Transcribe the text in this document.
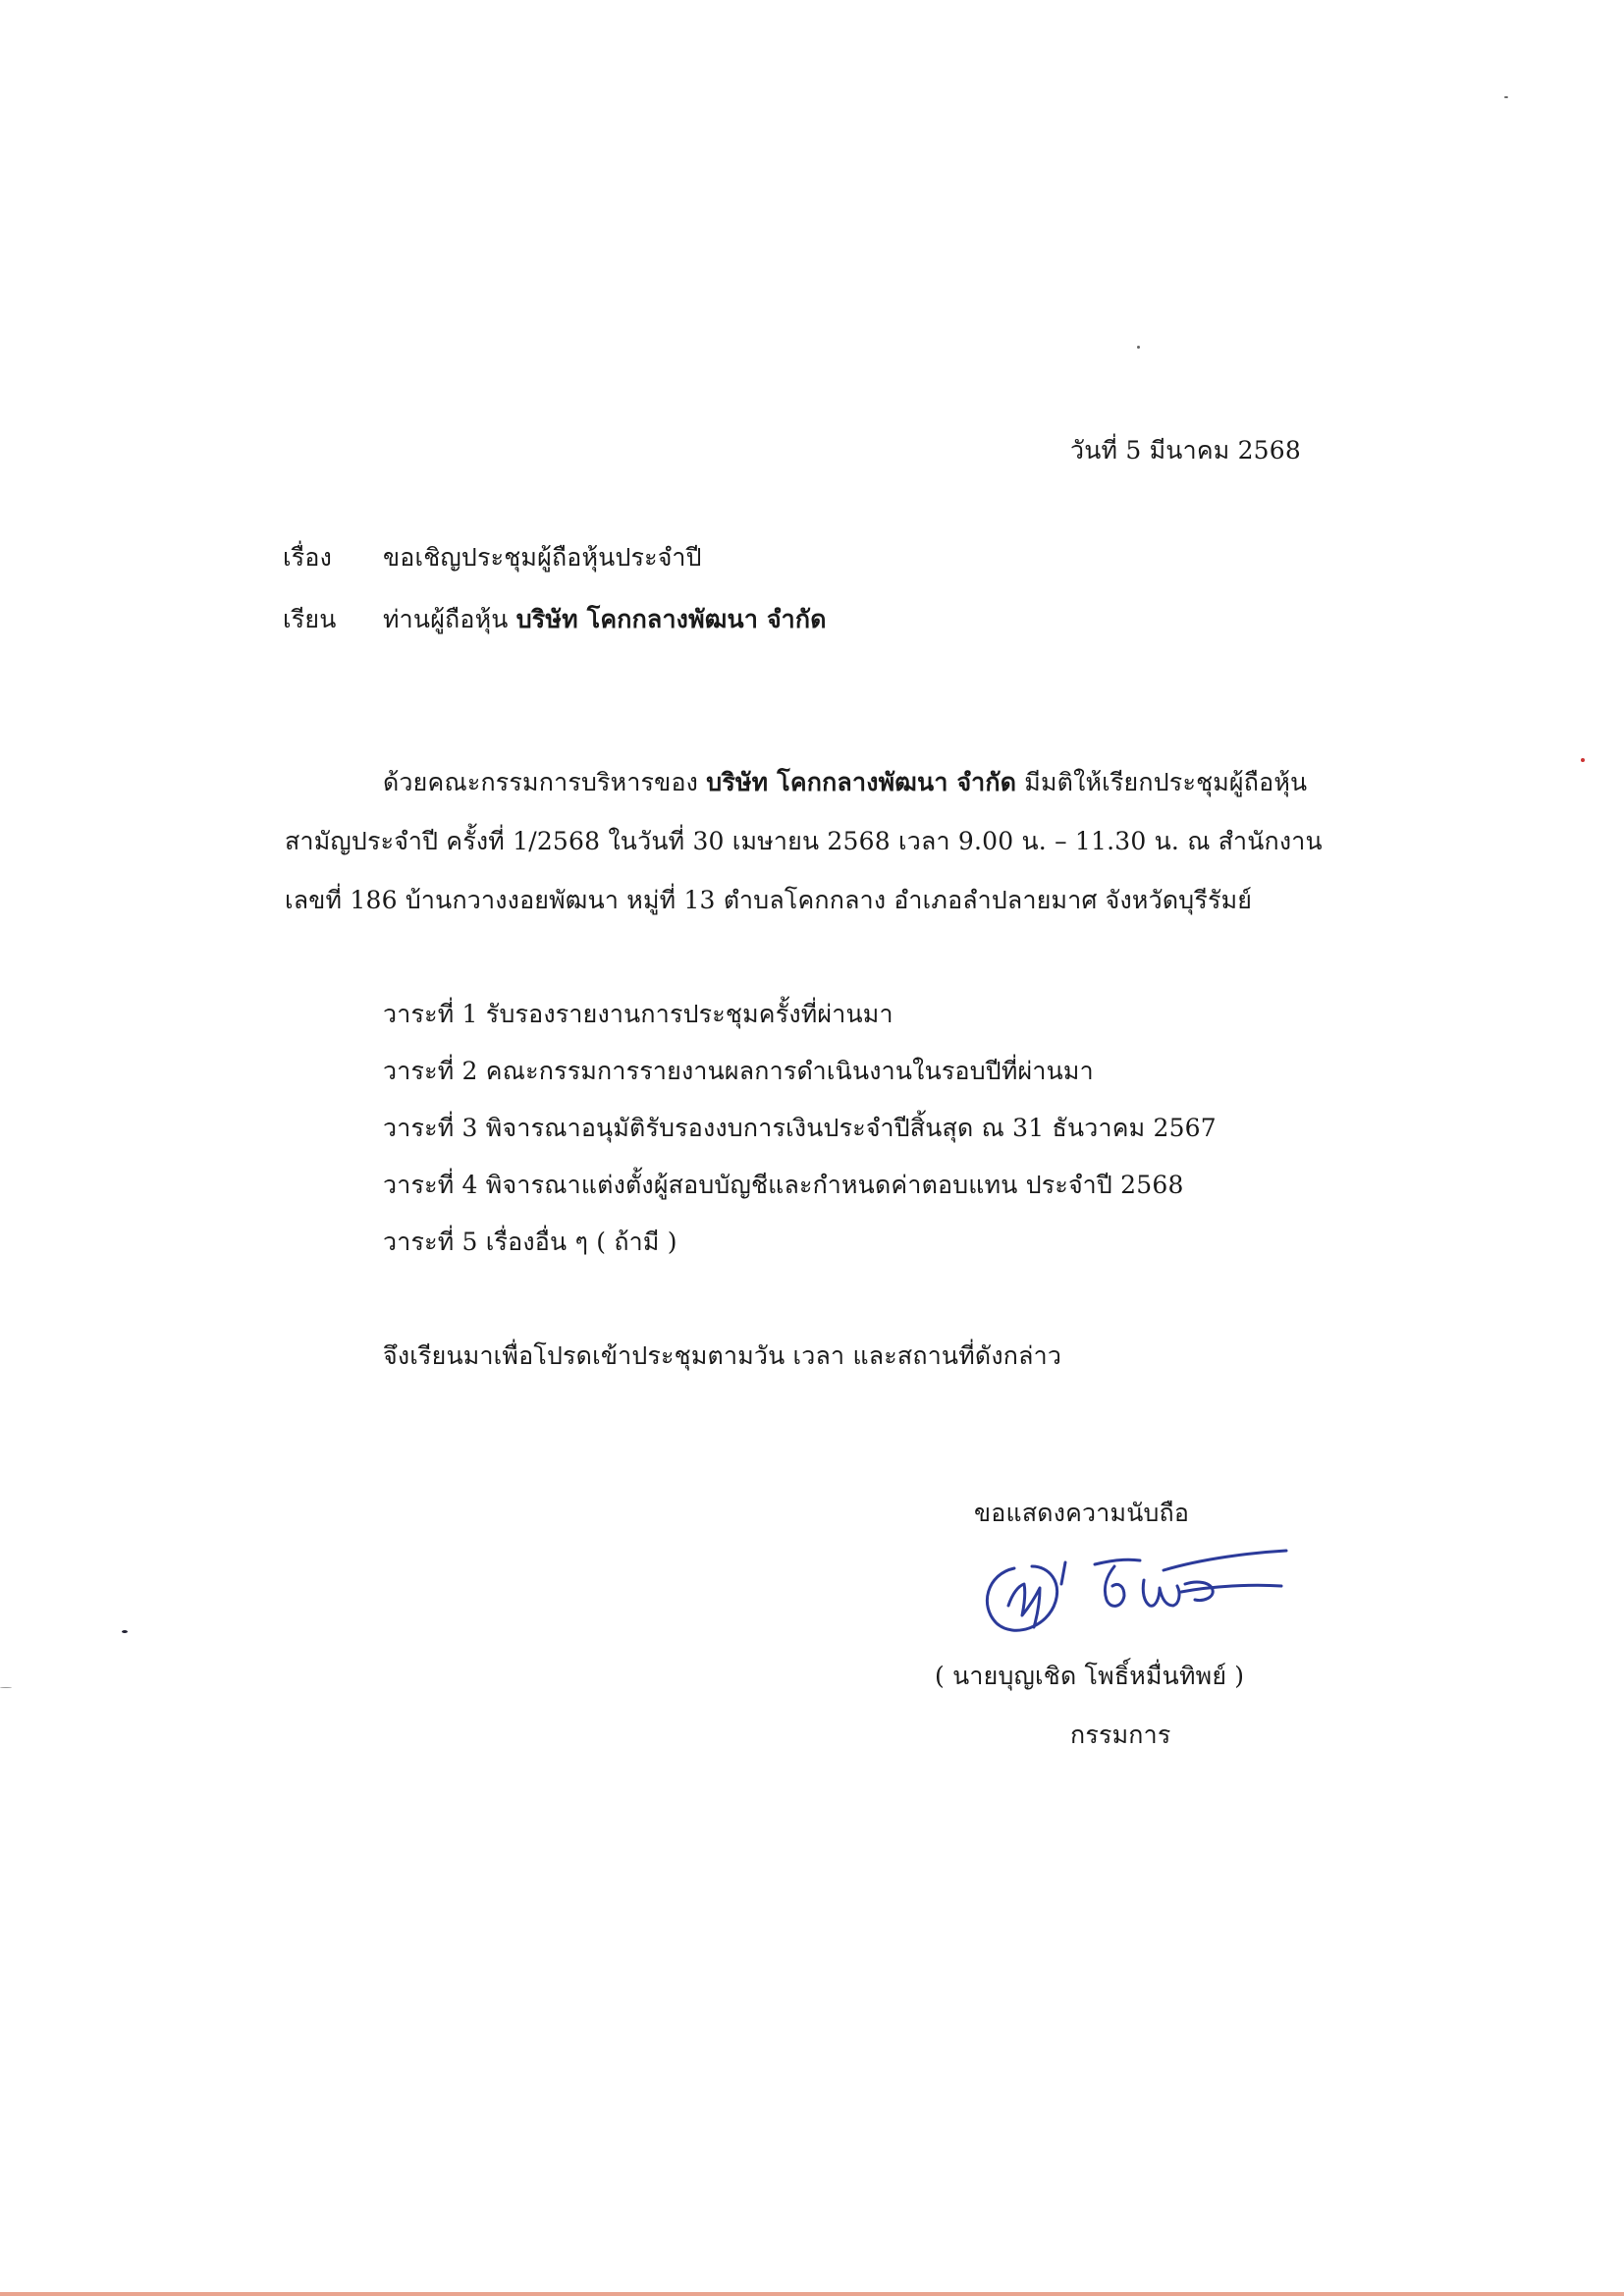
วันที่ 5 มีนาคม 2568
เรื่อง ขอเชิญประชุมผู้ถือหุ้นประจำปี
เรียน ท่านผู้ถือหุ้น บริษัท โคกกลางพัฒนา จำกัด
ด้วยคณะกรรมการบริหารของ บริษัท โคกกลางพัฒนา จำกัด มีมติให้เรียกประชุมผู้ถือหุ้น
สามัญประจำปี ครั้งที่ 1/2568 ในวันที่ 30 เมษายน 2568 เวลา 9.00 น. – 11.30 น. ณ สำนักงาน
เลขที่ 186 บ้านกวางงอยพัฒนา หมู่ที่ 13 ตำบลโคกกลาง อำเภอลำปลายมาศ จังหวัดบุรีรัมย์
วาระที่ 1 รับรองรายงานการประชุมครั้งที่ผ่านมา
วาระที่ 2 คณะกรรมการรายงานผลการดำเนินงานในรอบปีที่ผ่านมา
วาระที่ 3 พิจารณาอนุมัติรับรองงบการเงินประจำปีสิ้นสุด ณ 31 ธันวาคม 2567
วาระที่ 4 พิจารณาแต่งตั้งผู้สอบบัญชีและกำหนดค่าตอบแทน ประจำปี 2568
วาระที่ 5 เรื่องอื่น ๆ ( ถ้ามี )
จึงเรียนมาเพื่อโปรดเข้าประชุมตามวัน เวลา และสถานที่ดังกล่าว
ขอแสดงความนับถือ
( นายบุญเชิด โพธิ์หมื่นทิพย์ )
กรรมการ
